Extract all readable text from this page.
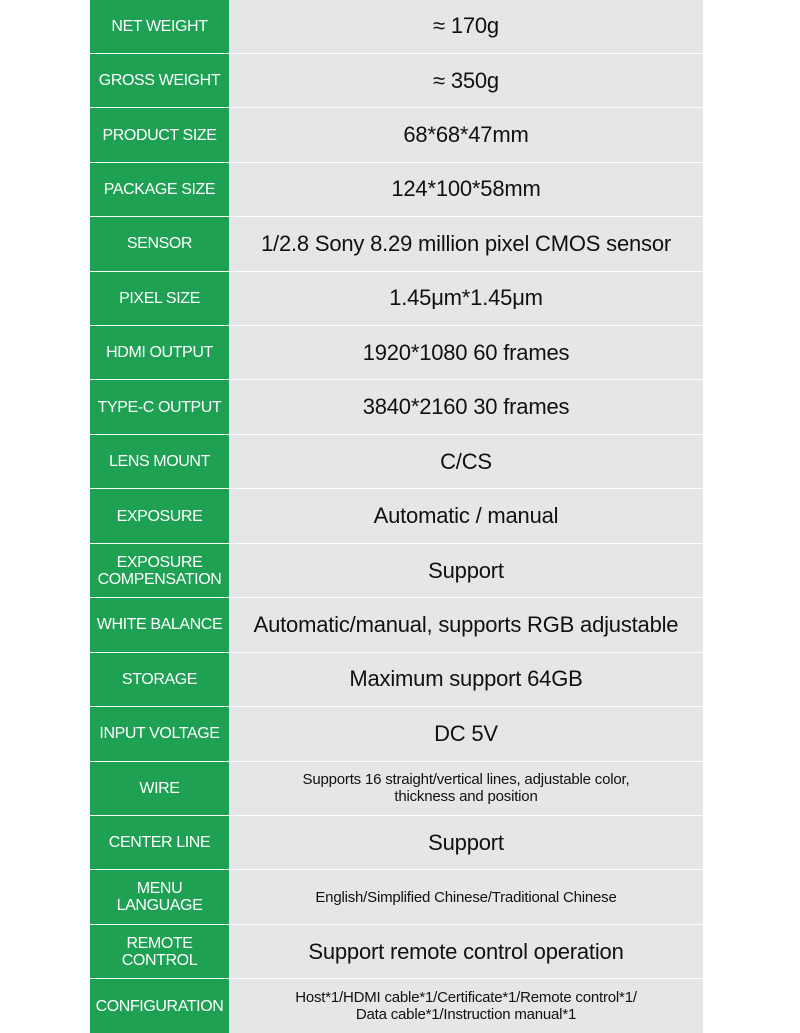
NET WEIGHT	≈ 170g
GROSS WEIGHT	≈ 350g
PRODUCT SIZE	68*68*47mm
PACKAGE SIZE	124*100*58mm
SENSOR	1/2.8 Sony 8.29 million pixel CMOS sensor
PIXEL SIZE	1.45μm*1.45μm
HDMI OUTPUT	1920*1080 60 frames
TYPE-C OUTPUT	3840*2160 30 frames
LENS MOUNT	C/CS
EXPOSURE	Automatic / manual
EXPOSURE
COMPENSATION	Support
WHITE BALANCE Automatic/manual, supports RGB adjustable
STORAGE	Maximum support 64GB
INPUT VOLTAGE	DC 5V
WIRE	Supports 16 straight/vertical lines, adjustable color,
thickness and position
CENTER LINE	Support
MENU
LANGUAGE	English/Simplified Chinese/Traditional Chinese
REMOTE
CONTROL	Support remote control operation
CONFIGURATION	Host*1/HDMI cable*1/Certificate*1/Remote control*1/
Data cable*1/Instruction manual*1
